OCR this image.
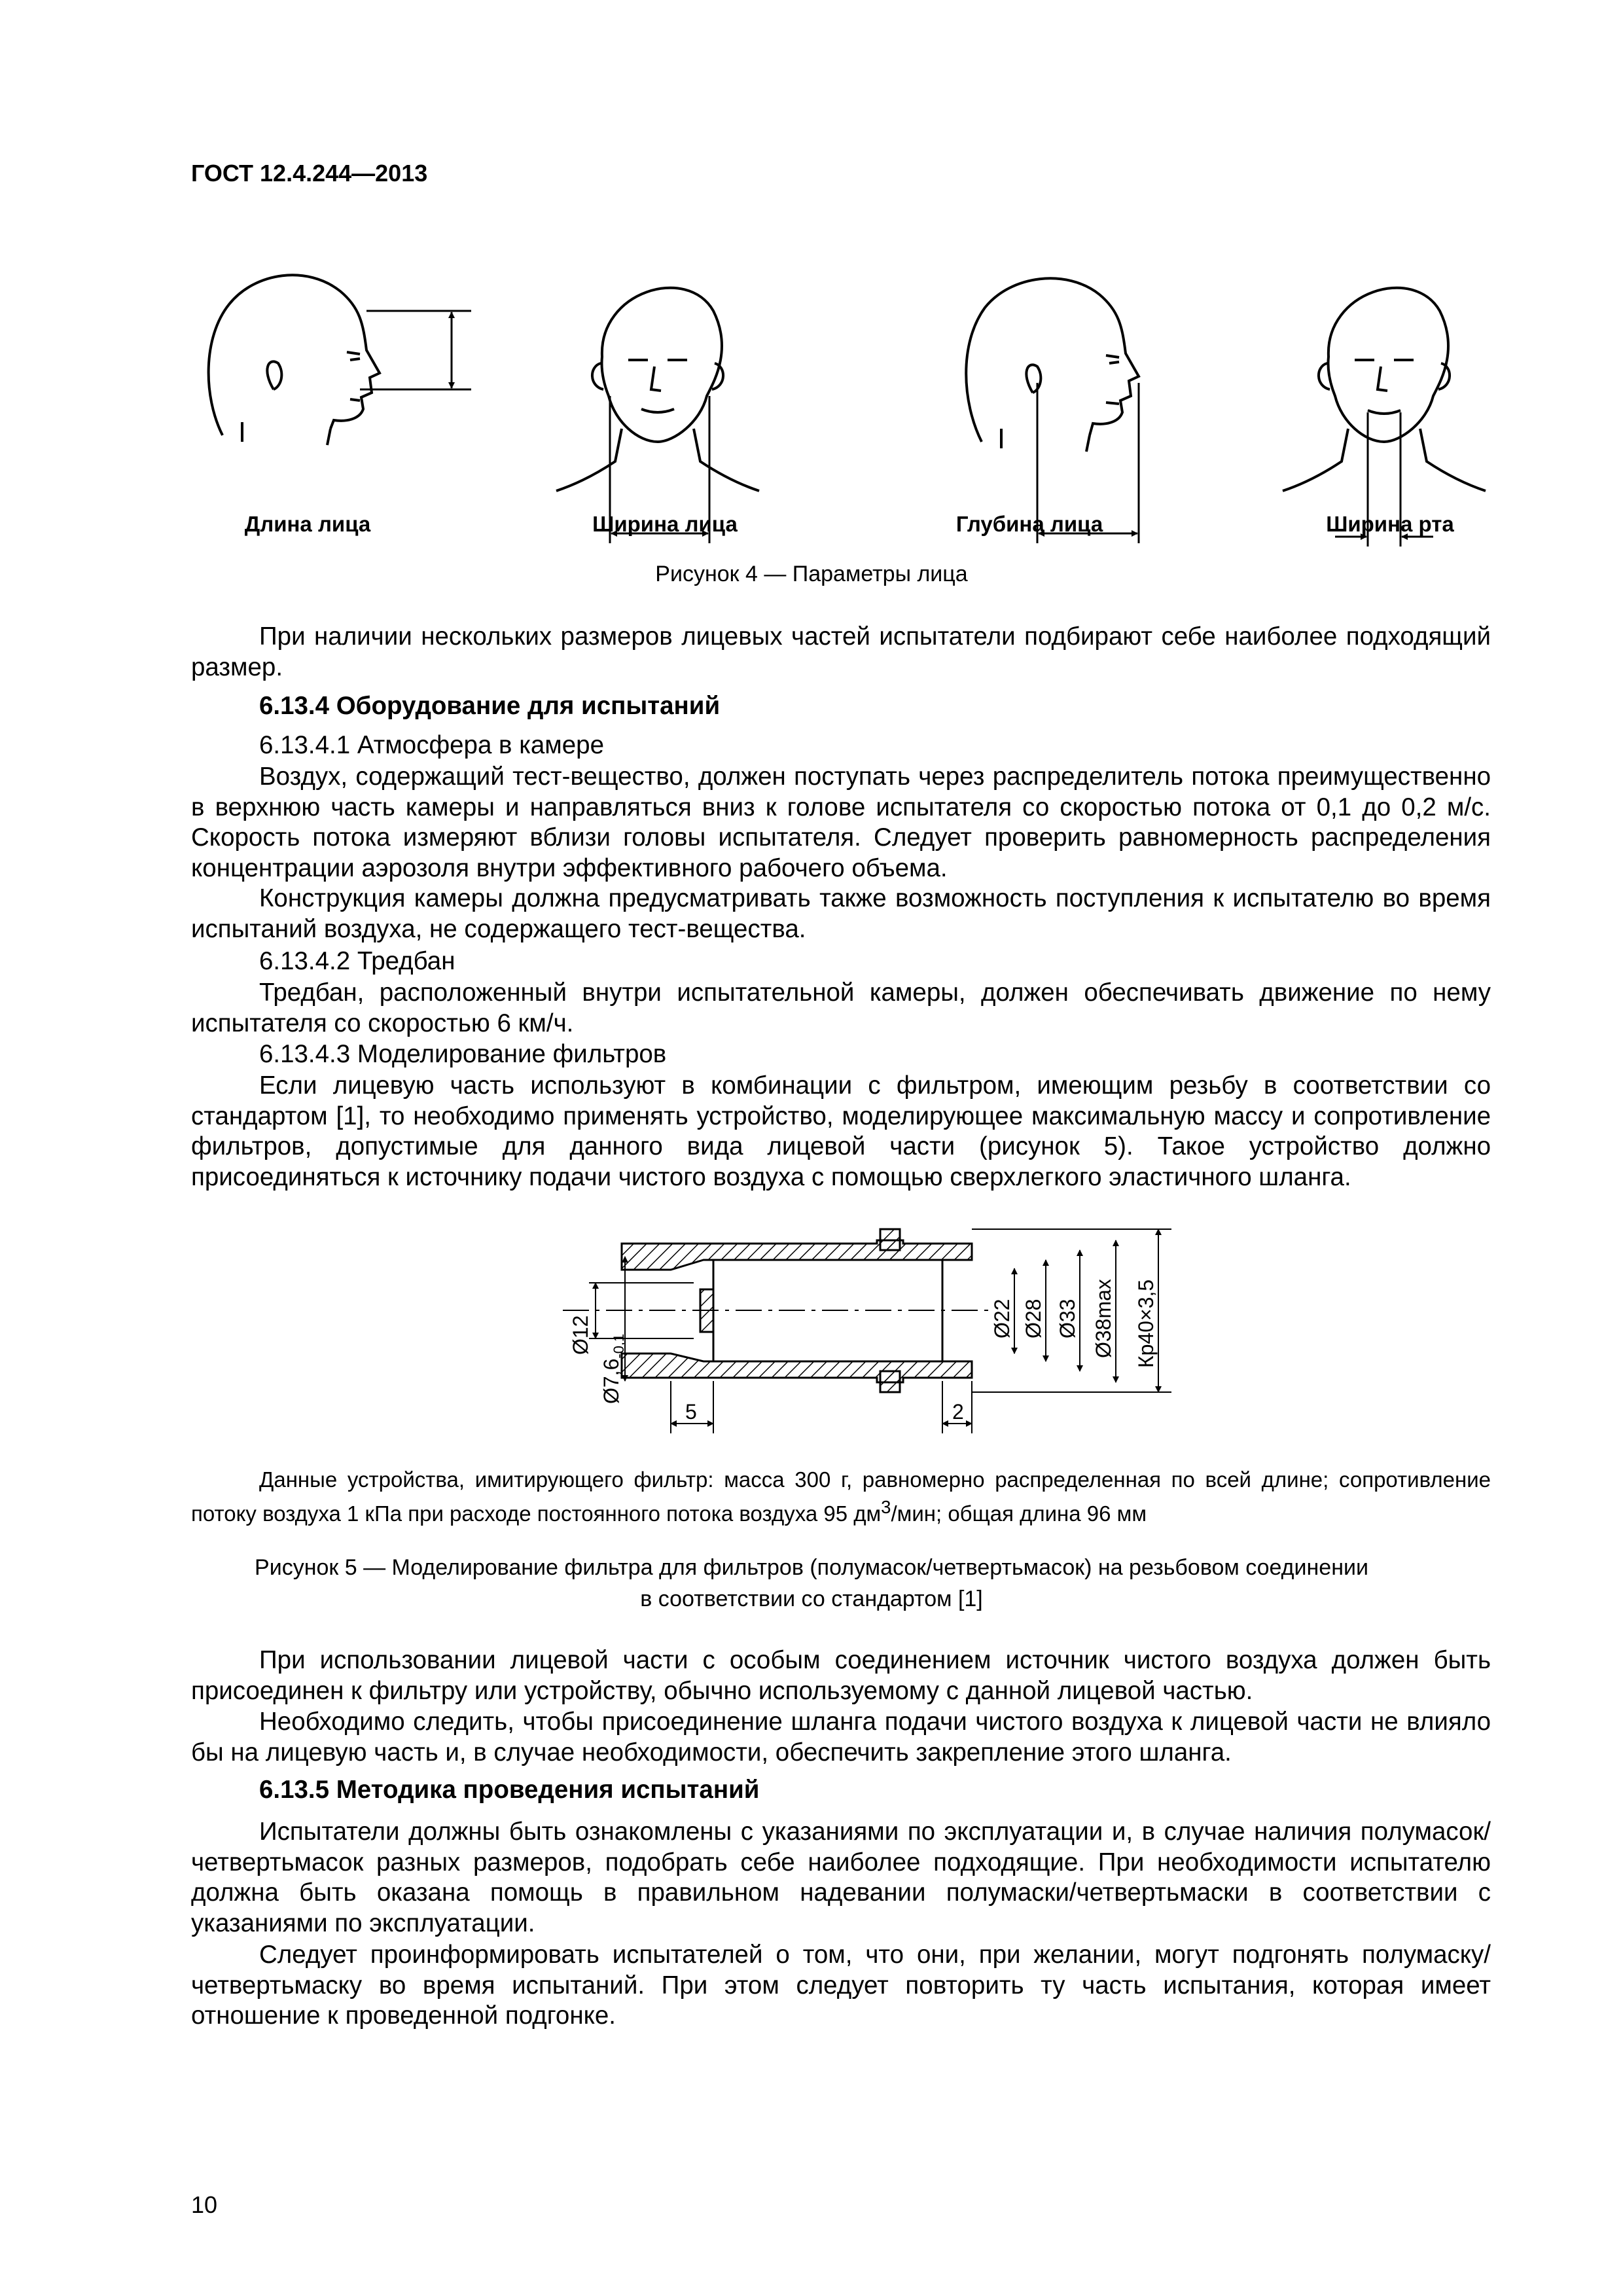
ГОСТ 12.4.244—2013
Длина лица	Ширина лица	Глубина лица	Ширина рта
Рисунок 4 — Параметры лица

При наличии нескольких размеров лицевых частей испытатели подбирают себе наиболее подходящий размер.

6.13.4 Оборудование для испытаний
6.13.4.1 Атмосфера в камере

Воздух, содержащий тест-вещество, должен поступать через распределитель потока преимущественно в верхнюю часть камеры и направляться вниз к голове испытателя со скоростью потока от 0,1 до 0,2 м/с. Скорость потока измеряют вблизи головы испытателя. Следует проверить равномерность распределения концентрации аэрозоля внутри эффективного рабочего объема.

Конструкция камеры должна предусматривать также возможность поступления к испытателю во время испытаний воздуха, не содержащего тест-вещества.

6.13.4.2 Тредбан

Тредбан, расположенный внутри испытательной камеры, должен обеспечивать движение по нему испытателя со скоростью 6 км/ч.

6.13.4.3 Моделирование фильтров

Если лицевую часть используют в комбинации с фильтром, имеющим резьбу в соответствии со стандартом [1], то необходимо применять устройство, моделирующее максимальную массу и сопротивление фильтров, допустимые для данного вида лицевой части (рисунок 5). Такое устройство должно присоединяться к источнику подачи чистого воздуха с помощью сверхлегкого эластичного шланга.

Ø12
$Ø7,6_{-0,1}$
5	2
Ø22 Ø28 Ø33 Ø38max Кр40×3,5

Данные устройства, имитирующего фильтр: масса 300 г, равномерно распределенная по всей длине; сопротивление потоку воздуха 1 кПа при расходе постоянного потока воздуха 95 $дм^3$/мин; общая длина 96 мм

Рисунок 5 — Моделирование фильтра для фильтров (полумасок/четвертьмасок) на резьбовом соединении
в соответствии со стандартом [1]

При использовании лицевой части с особым соединением источник чистого воздуха должен быть присоединен к фильтру или устройству, обычно используемому с данной лицевой частью.

Необходимо следить, чтобы присоединение шланга подачи чистого воздуха к лицевой части не влияло бы на лицевую часть и, в случае необходимости, обеспечить закрепление этого шланга.

6.13.5 Методика проведения испытаний

Испытатели должны быть ознакомлены с указаниями по эксплуатации и, в случае наличия полумасок/четвертьмасок разных размеров, подобрать себе наиболее подходящие. При необходимости испытателю должна быть оказана помощь в правильном надевании полумаски/четвертьмаски в соответствии с указаниями по эксплуатации.

Следует проинформировать испытателей о том, что они, при желании, могут подгонять полумаску/четвертьмаску во время испытаний. При этом следует повторить ту часть испытания, которая имеет отношение к проведенной подгонке.

10
